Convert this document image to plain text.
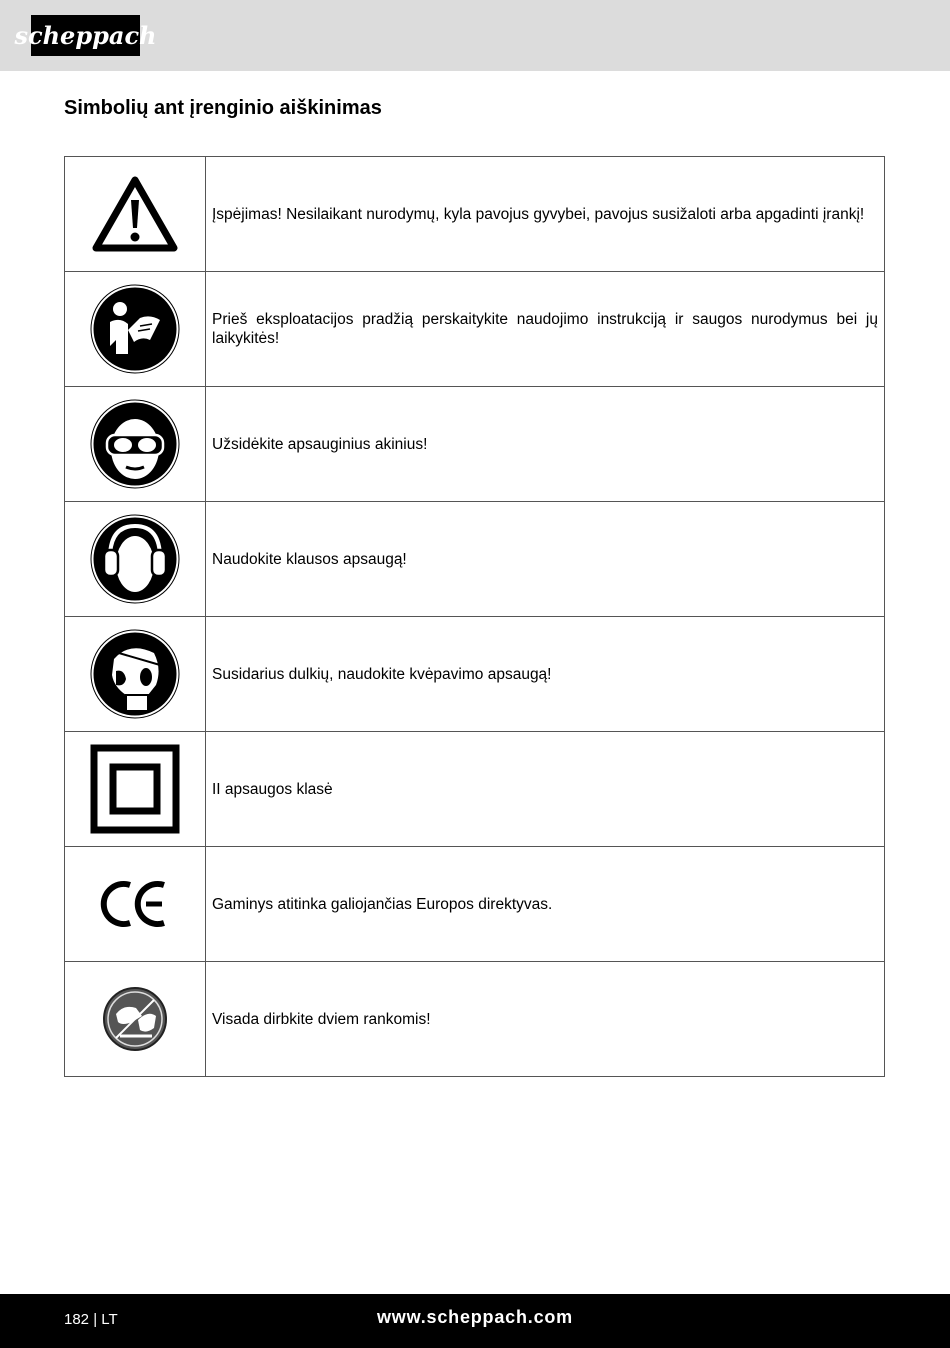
scheppach
Simbolių ant įrenginio aiškinimas
	Įspėjimas! Nesilaikant nurodymų, kyla pavojus gyvybei, pavojus susižaloti arba apgadinti įrankį!

	Prieš eksploatacijos pradžią perskaitykite naudojimo instrukciją ir saugos nurodymus bei jų laikykitės!

	Užsidėkite apsauginius akinius!

	Naudokite klausos apsaugą!

	Susidarius dulkių, naudokite kvėpavimo apsaugą!

	II apsaugos klasė

	Gaminys atitinka galiojančias Europos direktyvas.

	Visada dirbkite dviem rankomis!
182 | LT	www.scheppach.com
